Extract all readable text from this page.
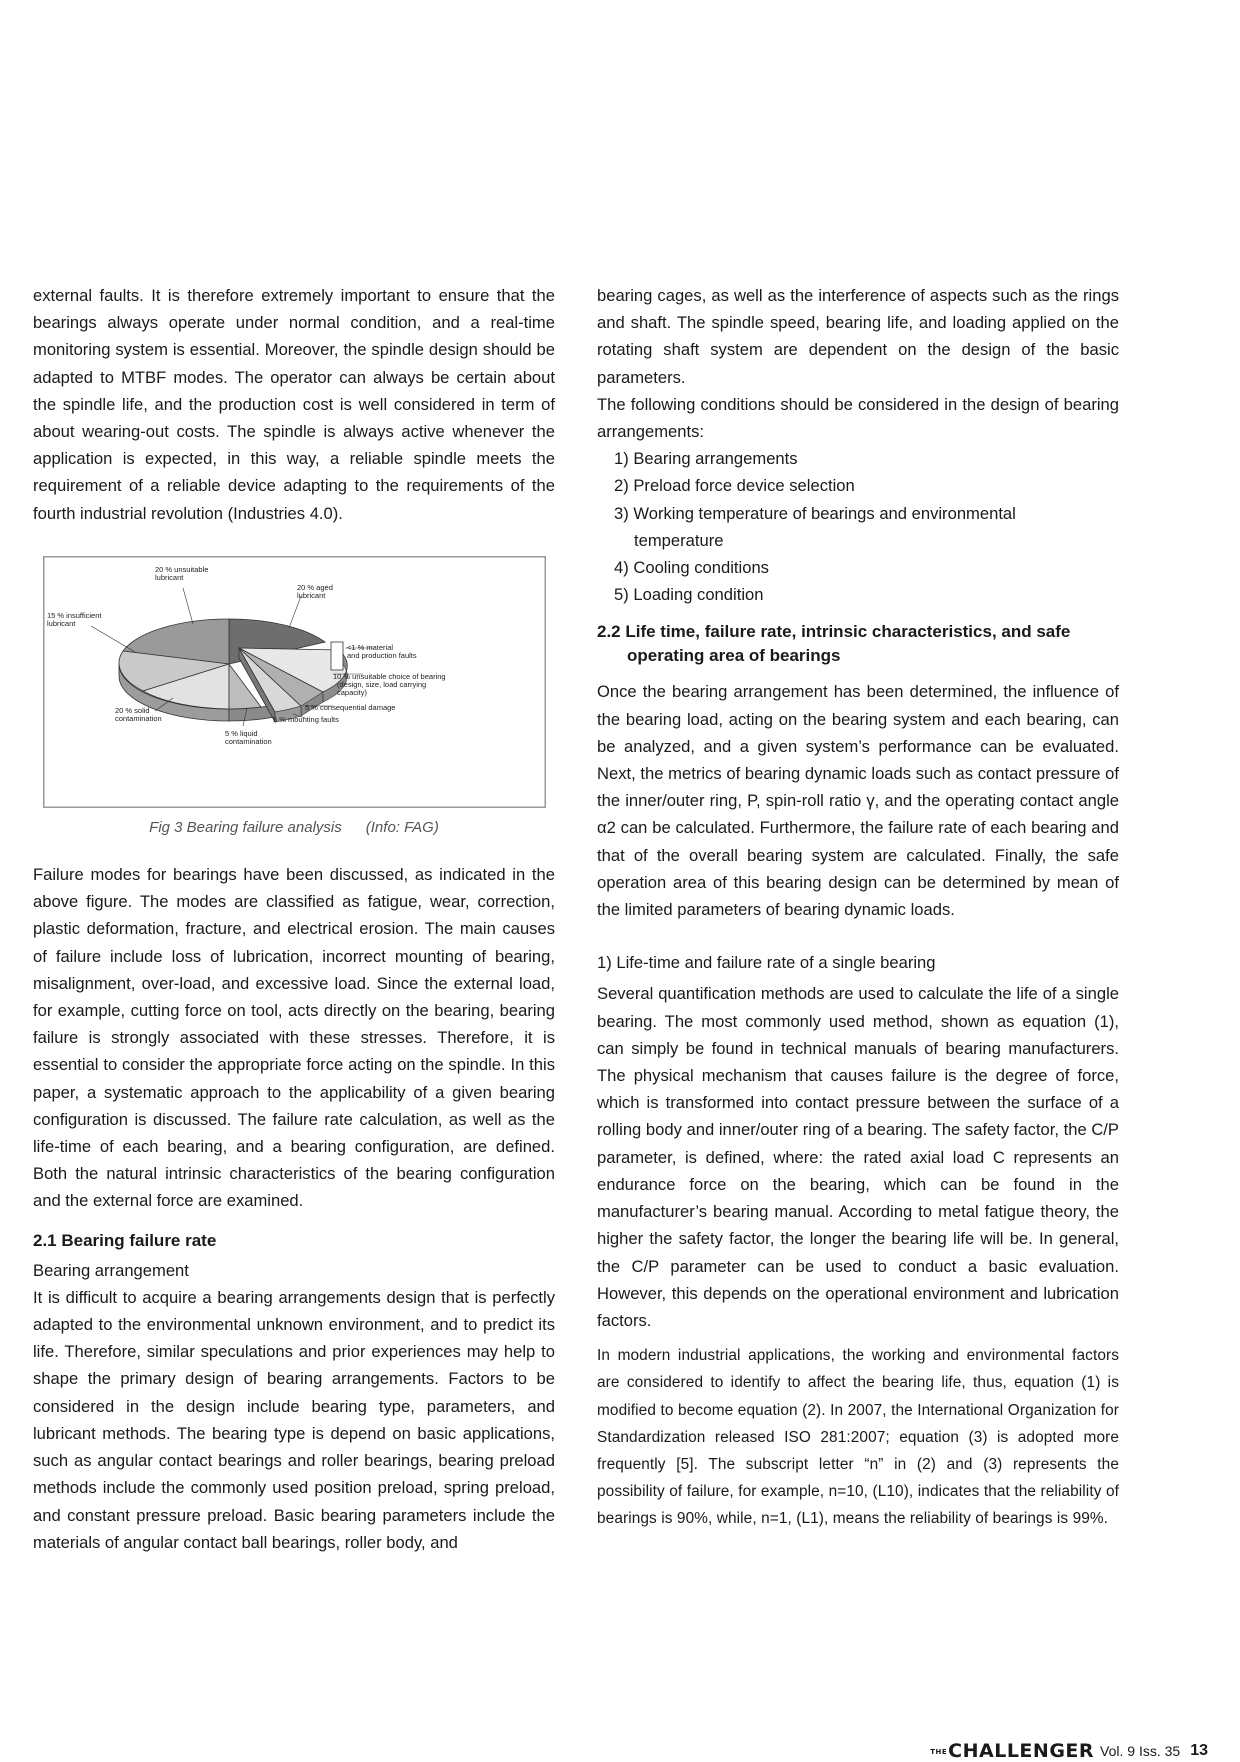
external faults. It is therefore extremely important to ensure that the bearings always operate under normal condition, and a real-time monitoring system is essential. Moreover, the spindle design should be adapted to MTBF modes. The operator can always be certain about the spindle life, and the production cost is well considered in term of about wearing-out costs. The spindle is always active whenever the application is expected, in this way, a reliable spindle meets the requirement of a reliable device adapting to the requirements of the fourth industrial revolution (Industries 4.0).

20 % unsuitable lubricant
20 % aged lubricant
15 % insufficient lubricant
<1 % material and production faults
10 % unsuitable choice of bearing (design, size, load carrying capacity)
5 % consequential damage
5 % mounting faults
20 % solid contamination
5 % liquid contamination
Fig 3 Bearing failure analysis (Info: FAG)

Failure modes for bearings have been discussed, as indicated in the above figure. The modes are classified as fatigue, wear, correction, plastic deformation, fracture, and electrical erosion. The main causes of failure include loss of lubrication, incorrect mounting of bearing, misalignment, over-load, and excessive load. Since the external load, for example, cutting force on tool, acts directly on the bearing, bearing failure is strongly associated with these stresses. Therefore, it is essential to consider the appropriate force acting on the spindle. In this paper, a systematic approach to the applicability of a given bearing configuration is discussed. The failure rate calculation, as well as the life-time of each bearing, and a bearing configuration, are defined. Both the natural intrinsic characteristics of the bearing configuration and the external force are examined.

2.1 Bearing failure rate

Bearing arrangement

It is difficult to acquire a bearing arrangements design that is perfectly adapted to the environmental unknown environment, and to predict its life. Therefore, similar speculations and prior experiences may help to shape the primary design of bearing arrangements. Factors to be considered in the design include bearing type, parameters, and lubricant methods. The bearing type is depend on basic applications, such as angular contact bearings and roller bearings, bearing preload methods include the commonly used position preload, spring preload, and constant pressure preload. Basic bearing parameters include the materials of angular contact ball bearings, roller body, and

bearing cages, as well as the interference of aspects such as the rings and shaft. The spindle speed, bearing life, and loading applied on the rotating shaft system are dependent on the design of the basic parameters.

The following conditions should be considered in the design of bearing arrangements:

1) Bearing arrangements
2) Preload force device selection
3) Working temperature of bearings and environmental
temperature
4) Cooling conditions
5) Loading condition
2.2 Life time, failure rate, intrinsic characteristics, and safe
operating area of bearings

Once the bearing arrangement has been determined, the influence of the bearing load, acting on the bearing system and each bearing, can be analyzed, and a given system’s performance can be evaluated. Next, the metrics of bearing dynamic loads such as contact pressure of the inner/outer ring, P, spin-roll ratio γ, and the operating contact angle α2 can be calculated. Furthermore, the failure rate of each bearing and that of the overall bearing system are calculated. Finally, the safe operation area of this bearing design can be determined by mean of the limited parameters of bearing dynamic loads.

1) Life-time and failure rate of a single bearing

Several quantification methods are used to calculate the life of a single bearing. The most commonly used method, shown as equation (1), can simply be found in technical manuals of bearing manufacturers. The physical mechanism that causes failure is the degree of force, which is transformed into contact pressure between the surface of a rolling body and inner/outer ring of a bearing. The safety factor, the C/P parameter, is defined, where: the rated axial load C represents an endurance force on the bearing, which can be found in the manufacturer’s bearing manual. According to metal fatigue theory, the higher the safety factor, the longer the bearing life will be. In general, the C/P parameter can be used to conduct a basic evaluation. However, this depends on the operational environment and lubrication factors.

In modern industrial applications, the working and environmental factors are considered to identify to affect the bearing life, thus, equation (1) is modified to become equation (2). In 2007, the International Organization for Standardization released ISO 281:2007; equation (3) is adopted more frequently [5]. The subscript letter “n” in (2) and (3) represents the possibility of failure, for example, n=10, (L10), indicates that the reliability of bearings is 90%, while, n=1, (L1), means the reliability of bearings is 99%.

THECHALLENGER Vol. 9 Iss. 35 13
